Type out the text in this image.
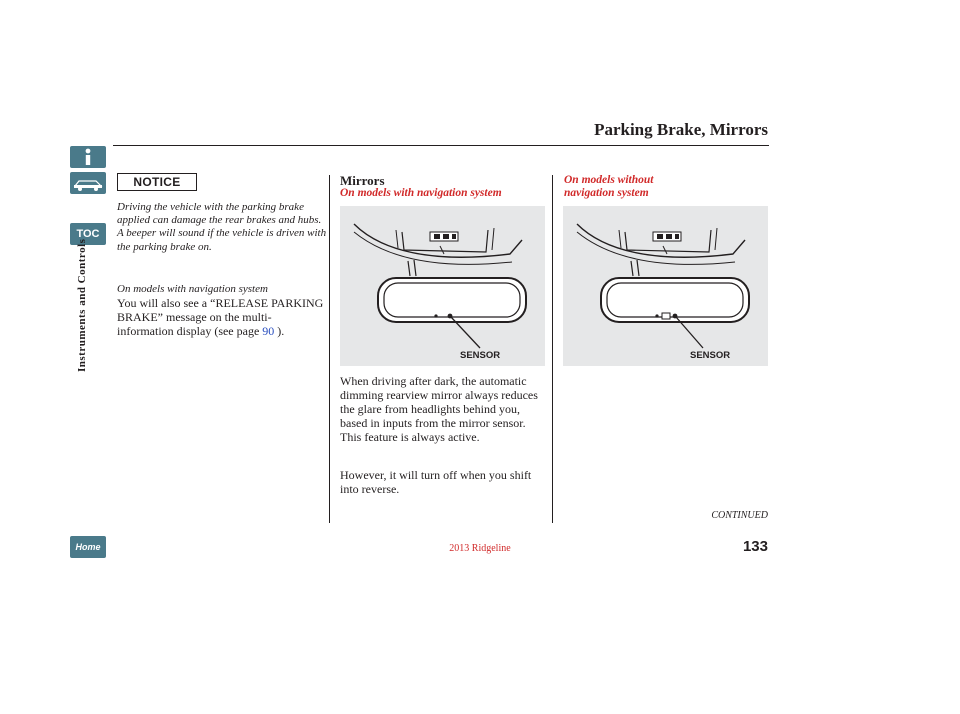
TOC
Home
Instruments and Controls
Parking Brake, Mirrors
NOTICE
Driving the vehicle with the parking brake applied can damage the rear brakes and hubs. A beeper will sound if the vehicle is driven with the parking brake on.
On models with navigation system
You will also see a “RELEASE PARKING BRAKE” message on the multi-information display (see page 90 ).
Mirrors
On models with navigation system
On models without
navigation system
SENSOR	SENSOR
When driving after dark, the automatic dimming rearview mirror always reduces the glare from headlights behind you, based in inputs from the mirror sensor. This feature is always active.
However, it will turn off when you shift into reverse.
CONTINUED
133
2013 Ridgeline
